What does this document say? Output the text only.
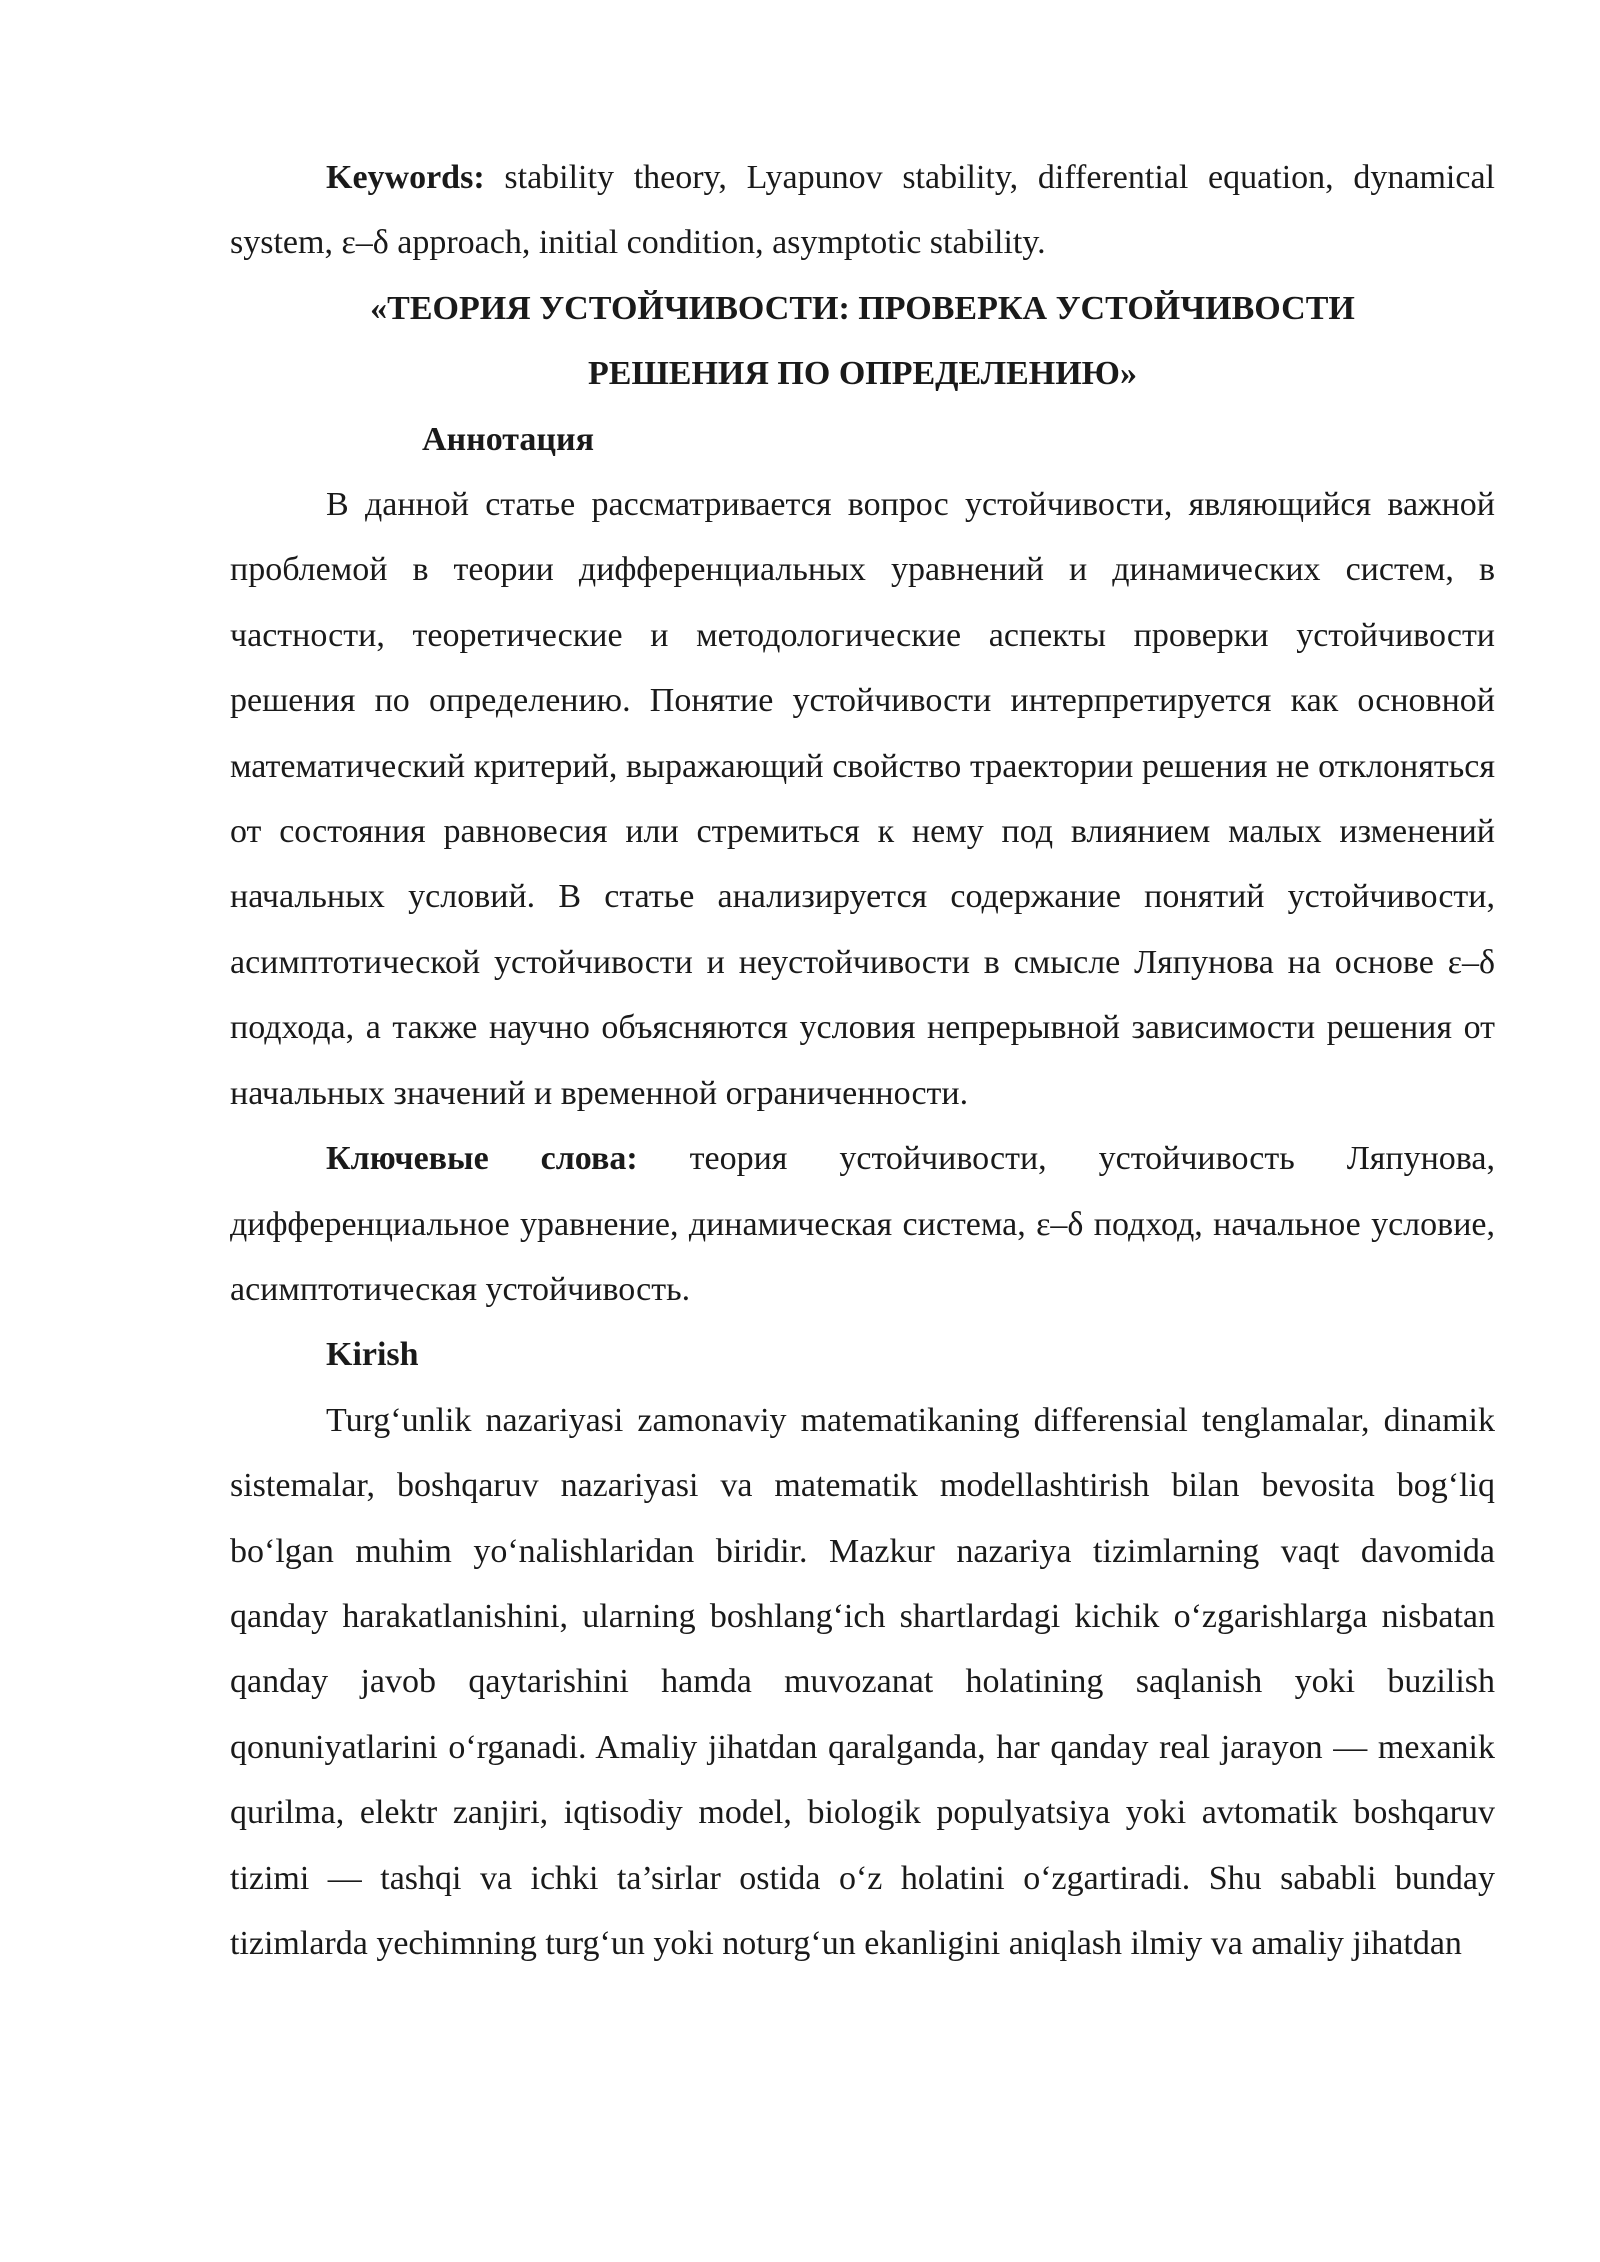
Keywords: stability theory, Lyapunov stability, differential equation, dynamical system, ε–δ approach, initial condition, asymptotic stability.

«ТЕОРИЯ УСТОЙЧИВОСТИ: ПРОВЕРКА УСТОЙЧИВОСТИ
РЕШЕНИЯ ПО ОПРЕДЕЛЕНИЮ»
Аннотация

В данной статье рассматривается вопрос устойчивости, являющийся важной проблемой в теории дифференциальных уравнений и динамических систем, в частности, теоретические и методологические аспекты проверки устойчивости решения по определению. Понятие устойчивости интерпретируется как основной математический критерий, выражающий свойство траектории решения не отклоняться от состояния равновесия или стремиться к нему под влиянием малых изменений начальных условий. В статье анализируется содержание понятий устойчивости, асимптотической устойчивости и неустойчивости в смысле Ляпунова на основе ε–δ подхода, а также научно объясняются условия непрерывной зависимости решения от начальных значений и временной ограниченности.

Ключевые слова: теория устойчивости, устойчивость Ляпунова, дифференциальное уравнение, динамическая система, ε–δ подход, начальное условие, асимптотическая устойчивость.

Kirish

Turgʻunlik nazariyasi zamonaviy matematikaning differensial tenglamalar, dinamik sistemalar, boshqaruv nazariyasi va matematik modellashtirish bilan bevosita bogʻliq boʻlgan muhim yoʻnalishlaridan biridir. Mazkur nazariya tizimlarning vaqt davomida qanday harakatlanishini, ularning boshlangʻich shartlardagi kichik oʻzgarishlarga nisbatan qanday javob qaytarishini hamda muvozanat holatining saqlanish yoki buzilish qonuniyatlarini oʻrganadi. Amaliy jihatdan qaralganda, har qanday real jarayon — mexanik qurilma, elektr zanjiri, iqtisodiy model, biologik populyatsiya yoki avtomatik boshqaruv tizimi — tashqi va ichki ta’sirlar ostida oʻz holatini oʻzgartiradi. Shu sababli bunday tizimlarda yechimning turgʻun yoki noturgʻun ekanligini aniqlash ilmiy va amaliy jihatdan
